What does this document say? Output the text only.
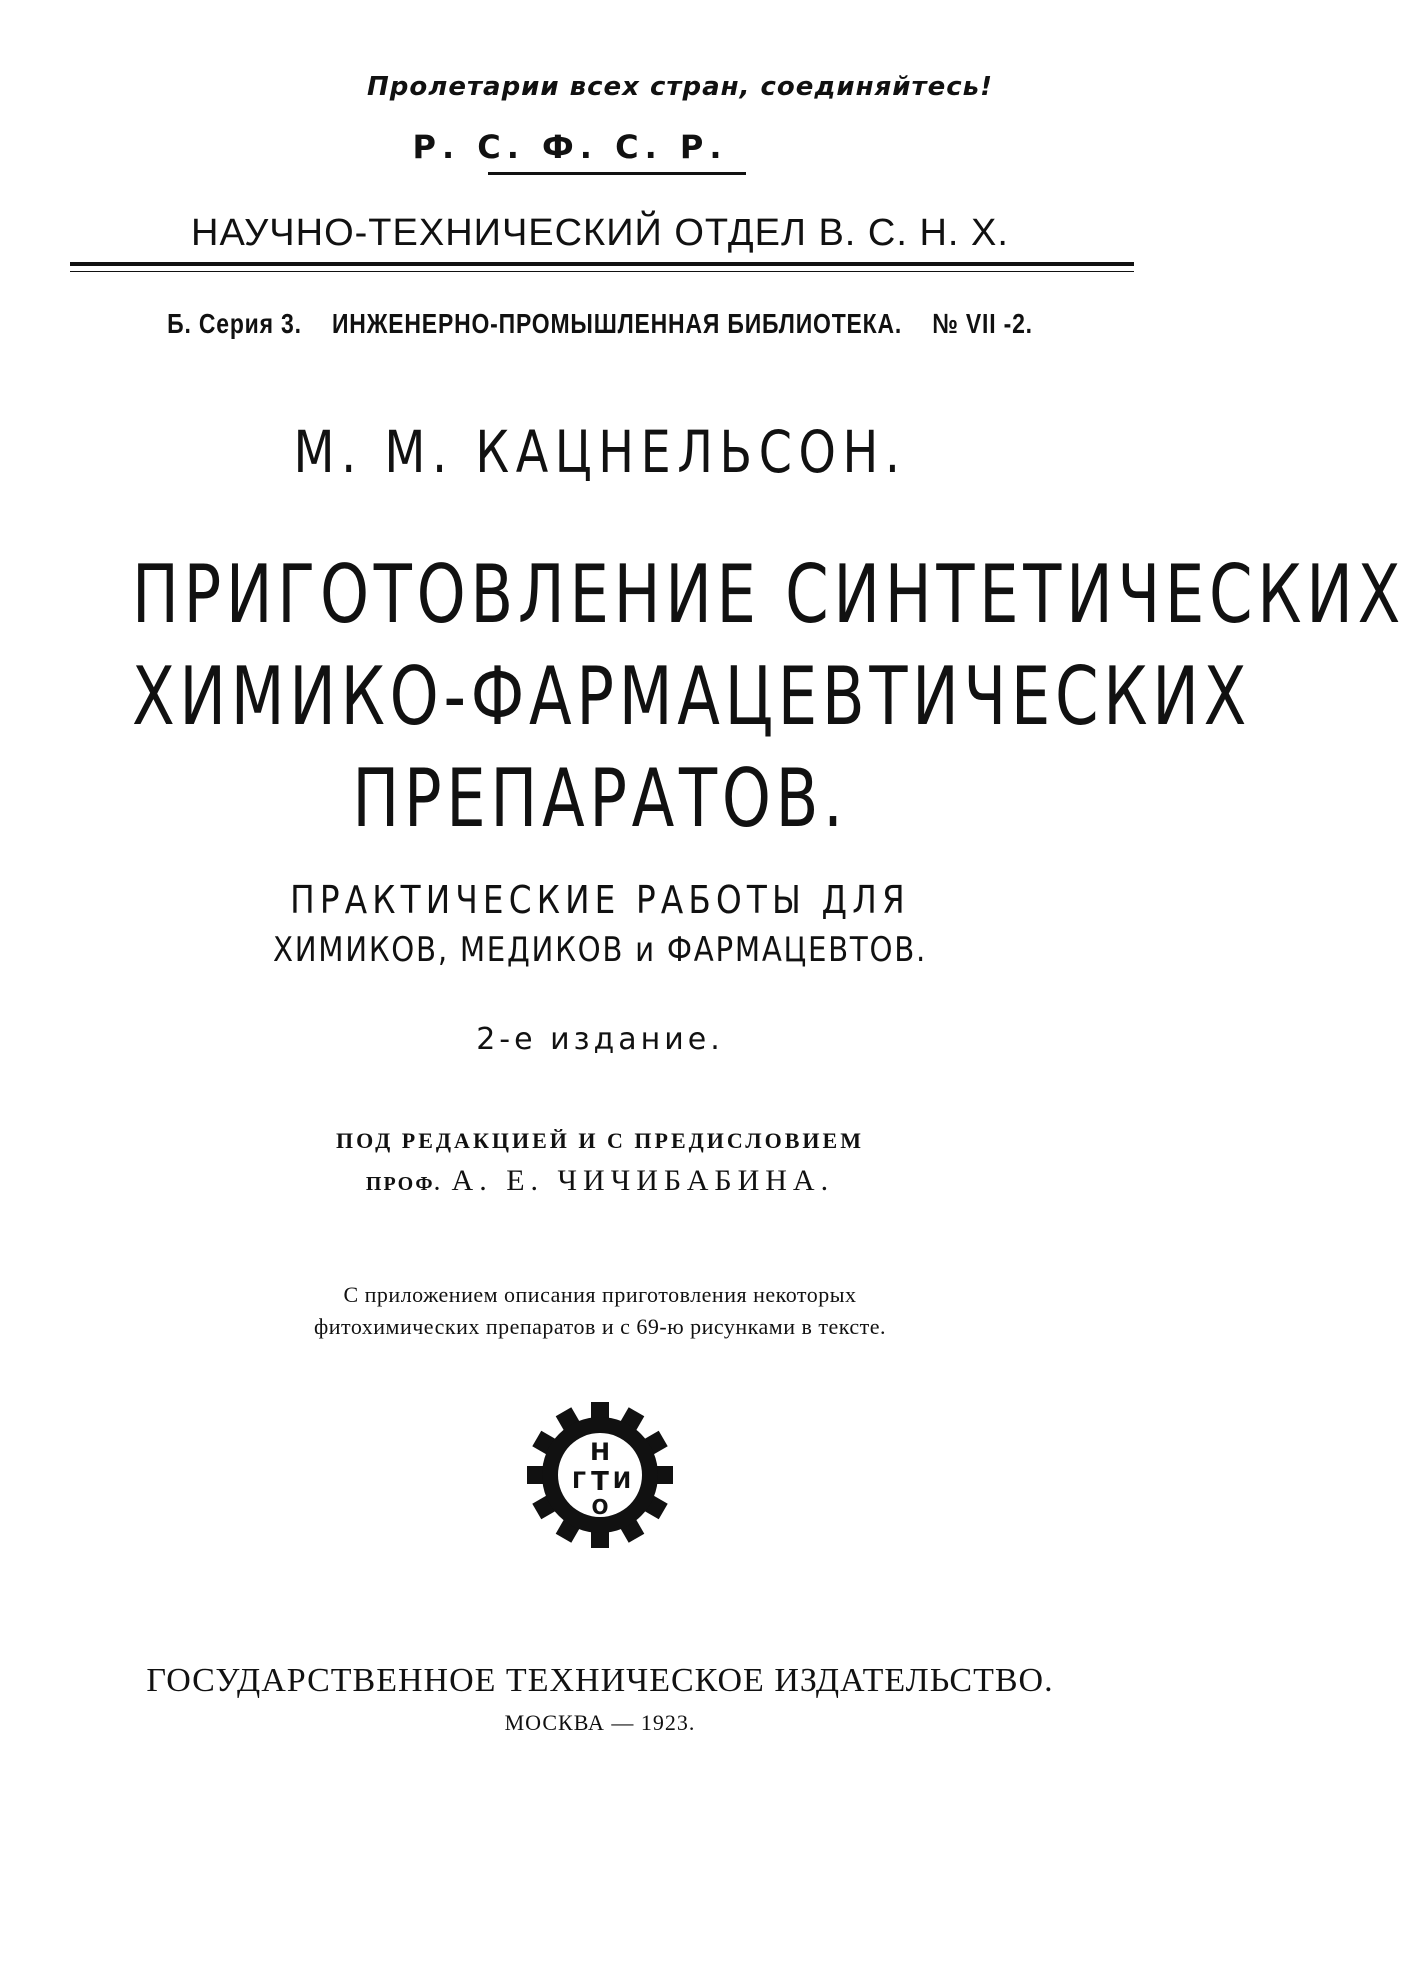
Пролетарии всех стран, соединяйтесь!
Р. С. Ф. С. Р.
НАУЧНО-ТЕХНИЧЕСКИЙ ОТДЕЛ В. С. Н. Х.
Б. Серия 3. ИНЖЕНЕРНО-ПРОМЫШЛЕННАЯ БИБЛИОТЕКА. № VII -2.
М. М. КАЦНЕЛЬСОН.
ПРИГОТОВЛЕНИЕ СИНТЕТИЧЕСКИХ
ХИМИКО-ФАРМАЦЕВТИЧЕСКИХ
ПРЕПАРАТОВ.
ПРАКТИЧЕСКИЕ РАБОТЫ ДЛЯ
ХИМИКОВ, МЕДИКОВ и ФАРМАЦЕВТОВ.
2-е издание.
ПОД РЕДАКЦИЕЙ И С ПРЕДИСЛОВИЕМ
ПРОФ. А. Е. ЧИЧИБАБИНА.
С приложением описания приготовления некоторых
фитохимических препаратов и с 69-ю рисунками в тексте.
Н
Г Т И
О
ГОСУДАРСТВЕННОЕ ТЕХНИЧЕСКОЕ ИЗДАТЕЛЬСТВО.
МОСКВА — 1923.
